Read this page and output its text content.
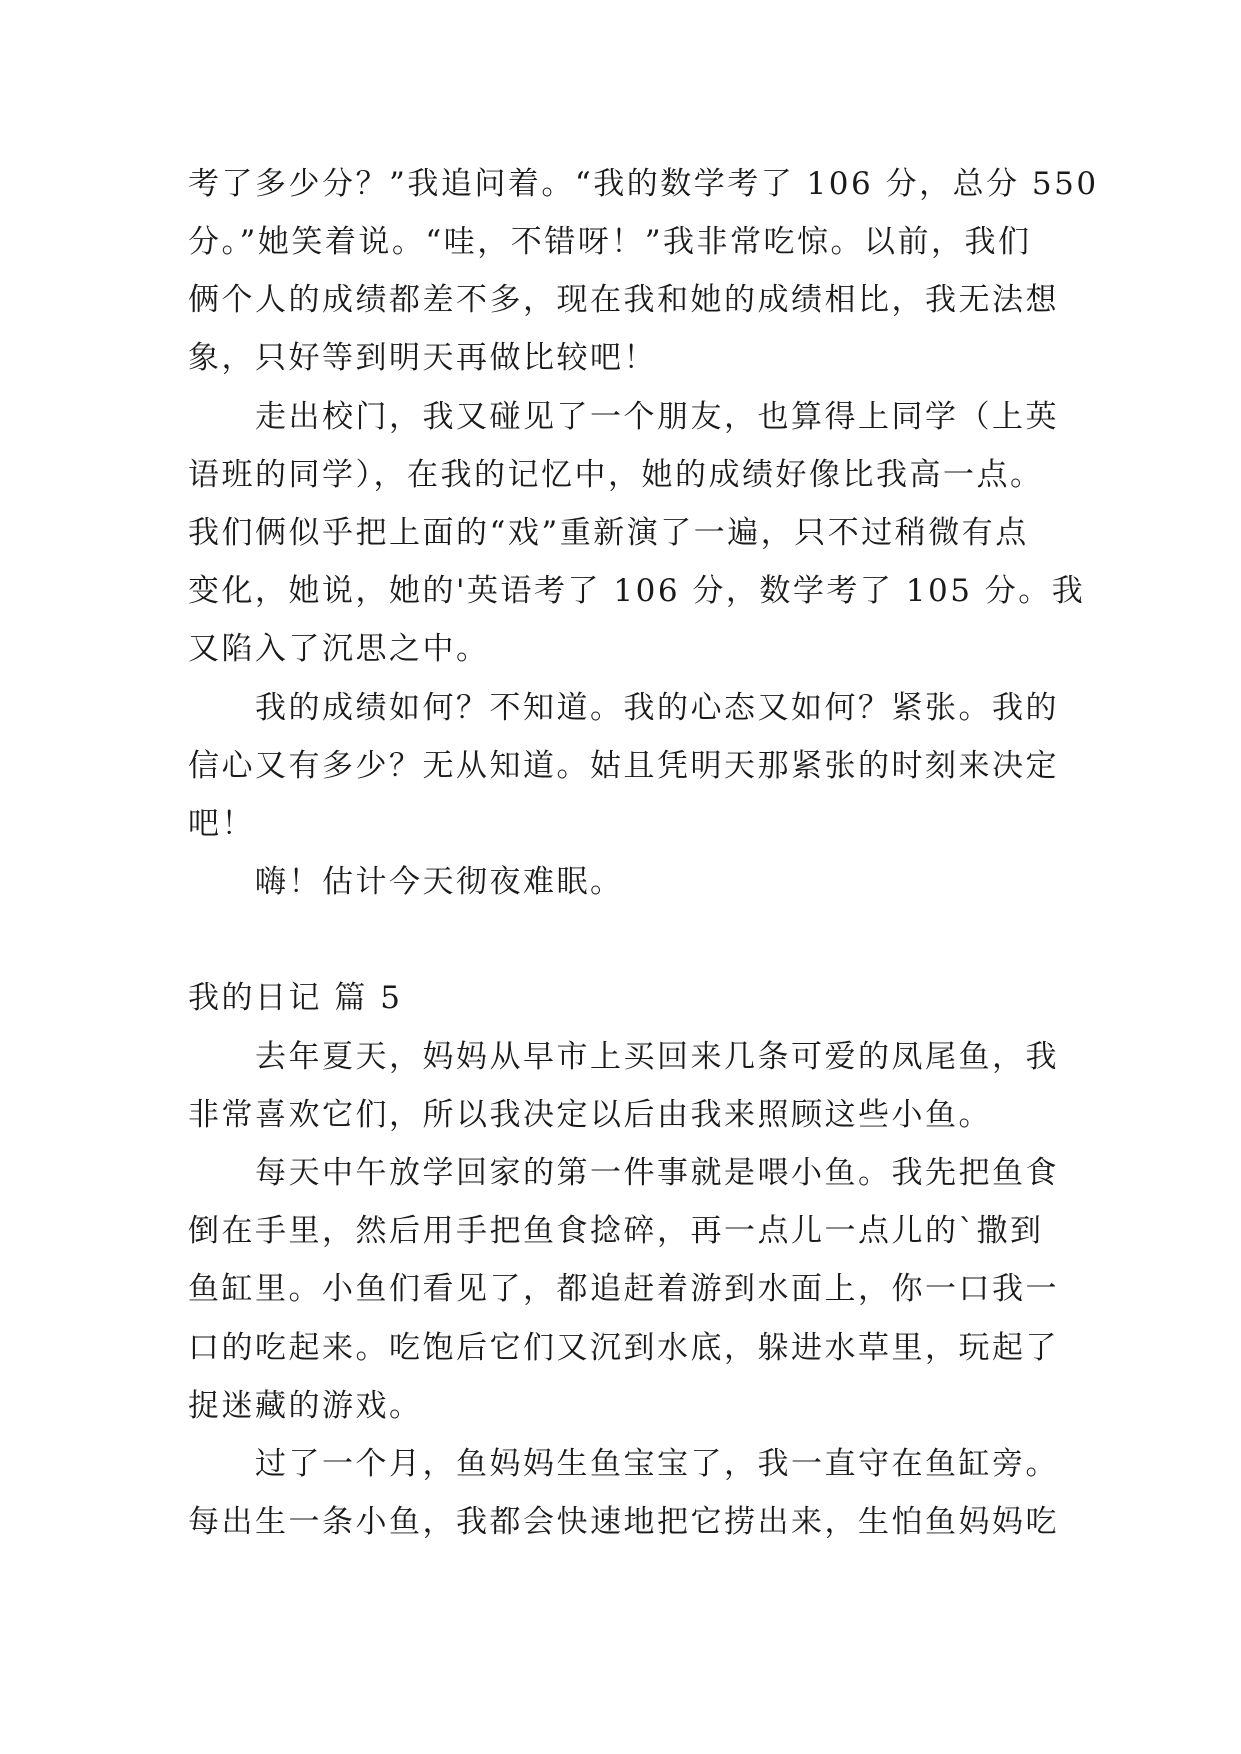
考了多少分？”我追问着。“我的数学考了 106 分，总分 550
分。”她笑着说。“哇，不错呀！”我非常吃惊。以前，我们
俩个人的成绩都差不多，现在我和她的成绩相比，我无法想
象，只好等到明天再做比较吧！
走出校门，我又碰见了一个朋友，也算得上同学（上英
语班的同学），在我的记忆中，她的成绩好像比我高一点。
我们俩似乎把上面的“戏”重新演了一遍，只不过稍微有点
变化，她说，她的'英语考了 106 分，数学考了 105 分。我
又陷入了沉思之中。
我的成绩如何？不知道。我的心态又如何？紧张。我的
信心又有多少？无从知道。姑且凭明天那紧张的时刻来决定
吧！
嗨！估计今天彻夜难眠。
我的日记 篇 5
去年夏天，妈妈从早市上买回来几条可爱的凤尾鱼，我
非常喜欢它们，所以我决定以后由我来照顾这些小鱼。
每天中午放学回家的第一件事就是喂小鱼。我先把鱼食
倒在手里，然后用手把鱼食捻碎，再一点儿一点儿的`撒到
鱼缸里。小鱼们看见了，都追赶着游到水面上，你一口我一
口的吃起来。吃饱后它们又沉到水底，躲进水草里，玩起了
捉迷藏的游戏。
过了一个月，鱼妈妈生鱼宝宝了，我一直守在鱼缸旁。
每出生一条小鱼，我都会快速地把它捞出来，生怕鱼妈妈吃
